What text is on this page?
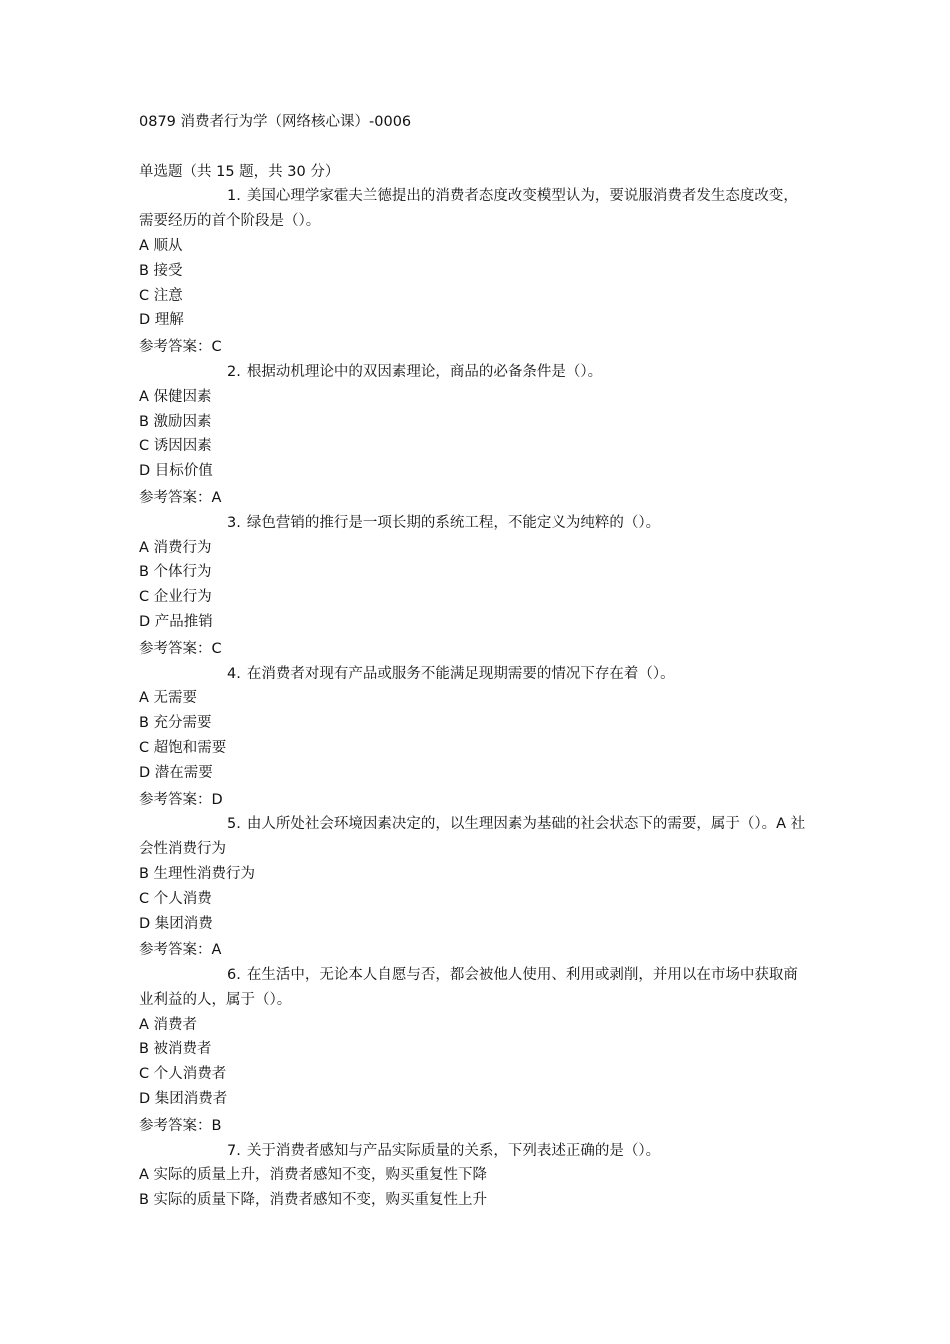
0879 消费者行为学（网络核心课）-0006

单选题（共 15 题，共 30 分）

1. 美国心理学家霍夫兰德提出的消费者态度改变模型认为，要说服消费者发生态度改变，需要经历的首个阶段是（）。

A 顺从

B 接受

C 注意

D 理解

参考答案：C

2. 根据动机理论中的双因素理论，商品的必备条件是（）。

A 保健因素

B 激励因素

C 诱因因素

D 目标价值

参考答案：A

3. 绿色营销的推行是一项长期的系统工程，不能定义为纯粹的（）。

A 消费行为

B 个体行为

C 企业行为

D 产品推销

参考答案：C

4. 在消费者对现有产品或服务不能满足现期需要的情况下存在着（）。

A 无需要

B 充分需要

C 超饱和需要

D 潜在需要

参考答案：D

5. 由人所处社会环境因素决定的，以生理因素为基础的社会状态下的需要，属于（）。A 社会性消费行为

B 生理性消费行为

C 个人消费

D 集团消费

参考答案：A

6. 在生活中，无论本人自愿与否，都会被他人使用、利用或剥削，并用以在市场中获取商业利益的人，属于（）。

A 消费者

B 被消费者

C 个人消费者

D 集团消费者

参考答案：B

7. 关于消费者感知与产品实际质量的关系，下列表述正确的是（）。

A 实际的质量上升，消费者感知不变，购买重复性下降

B 实际的质量下降，消费者感知不变，购买重复性上升
